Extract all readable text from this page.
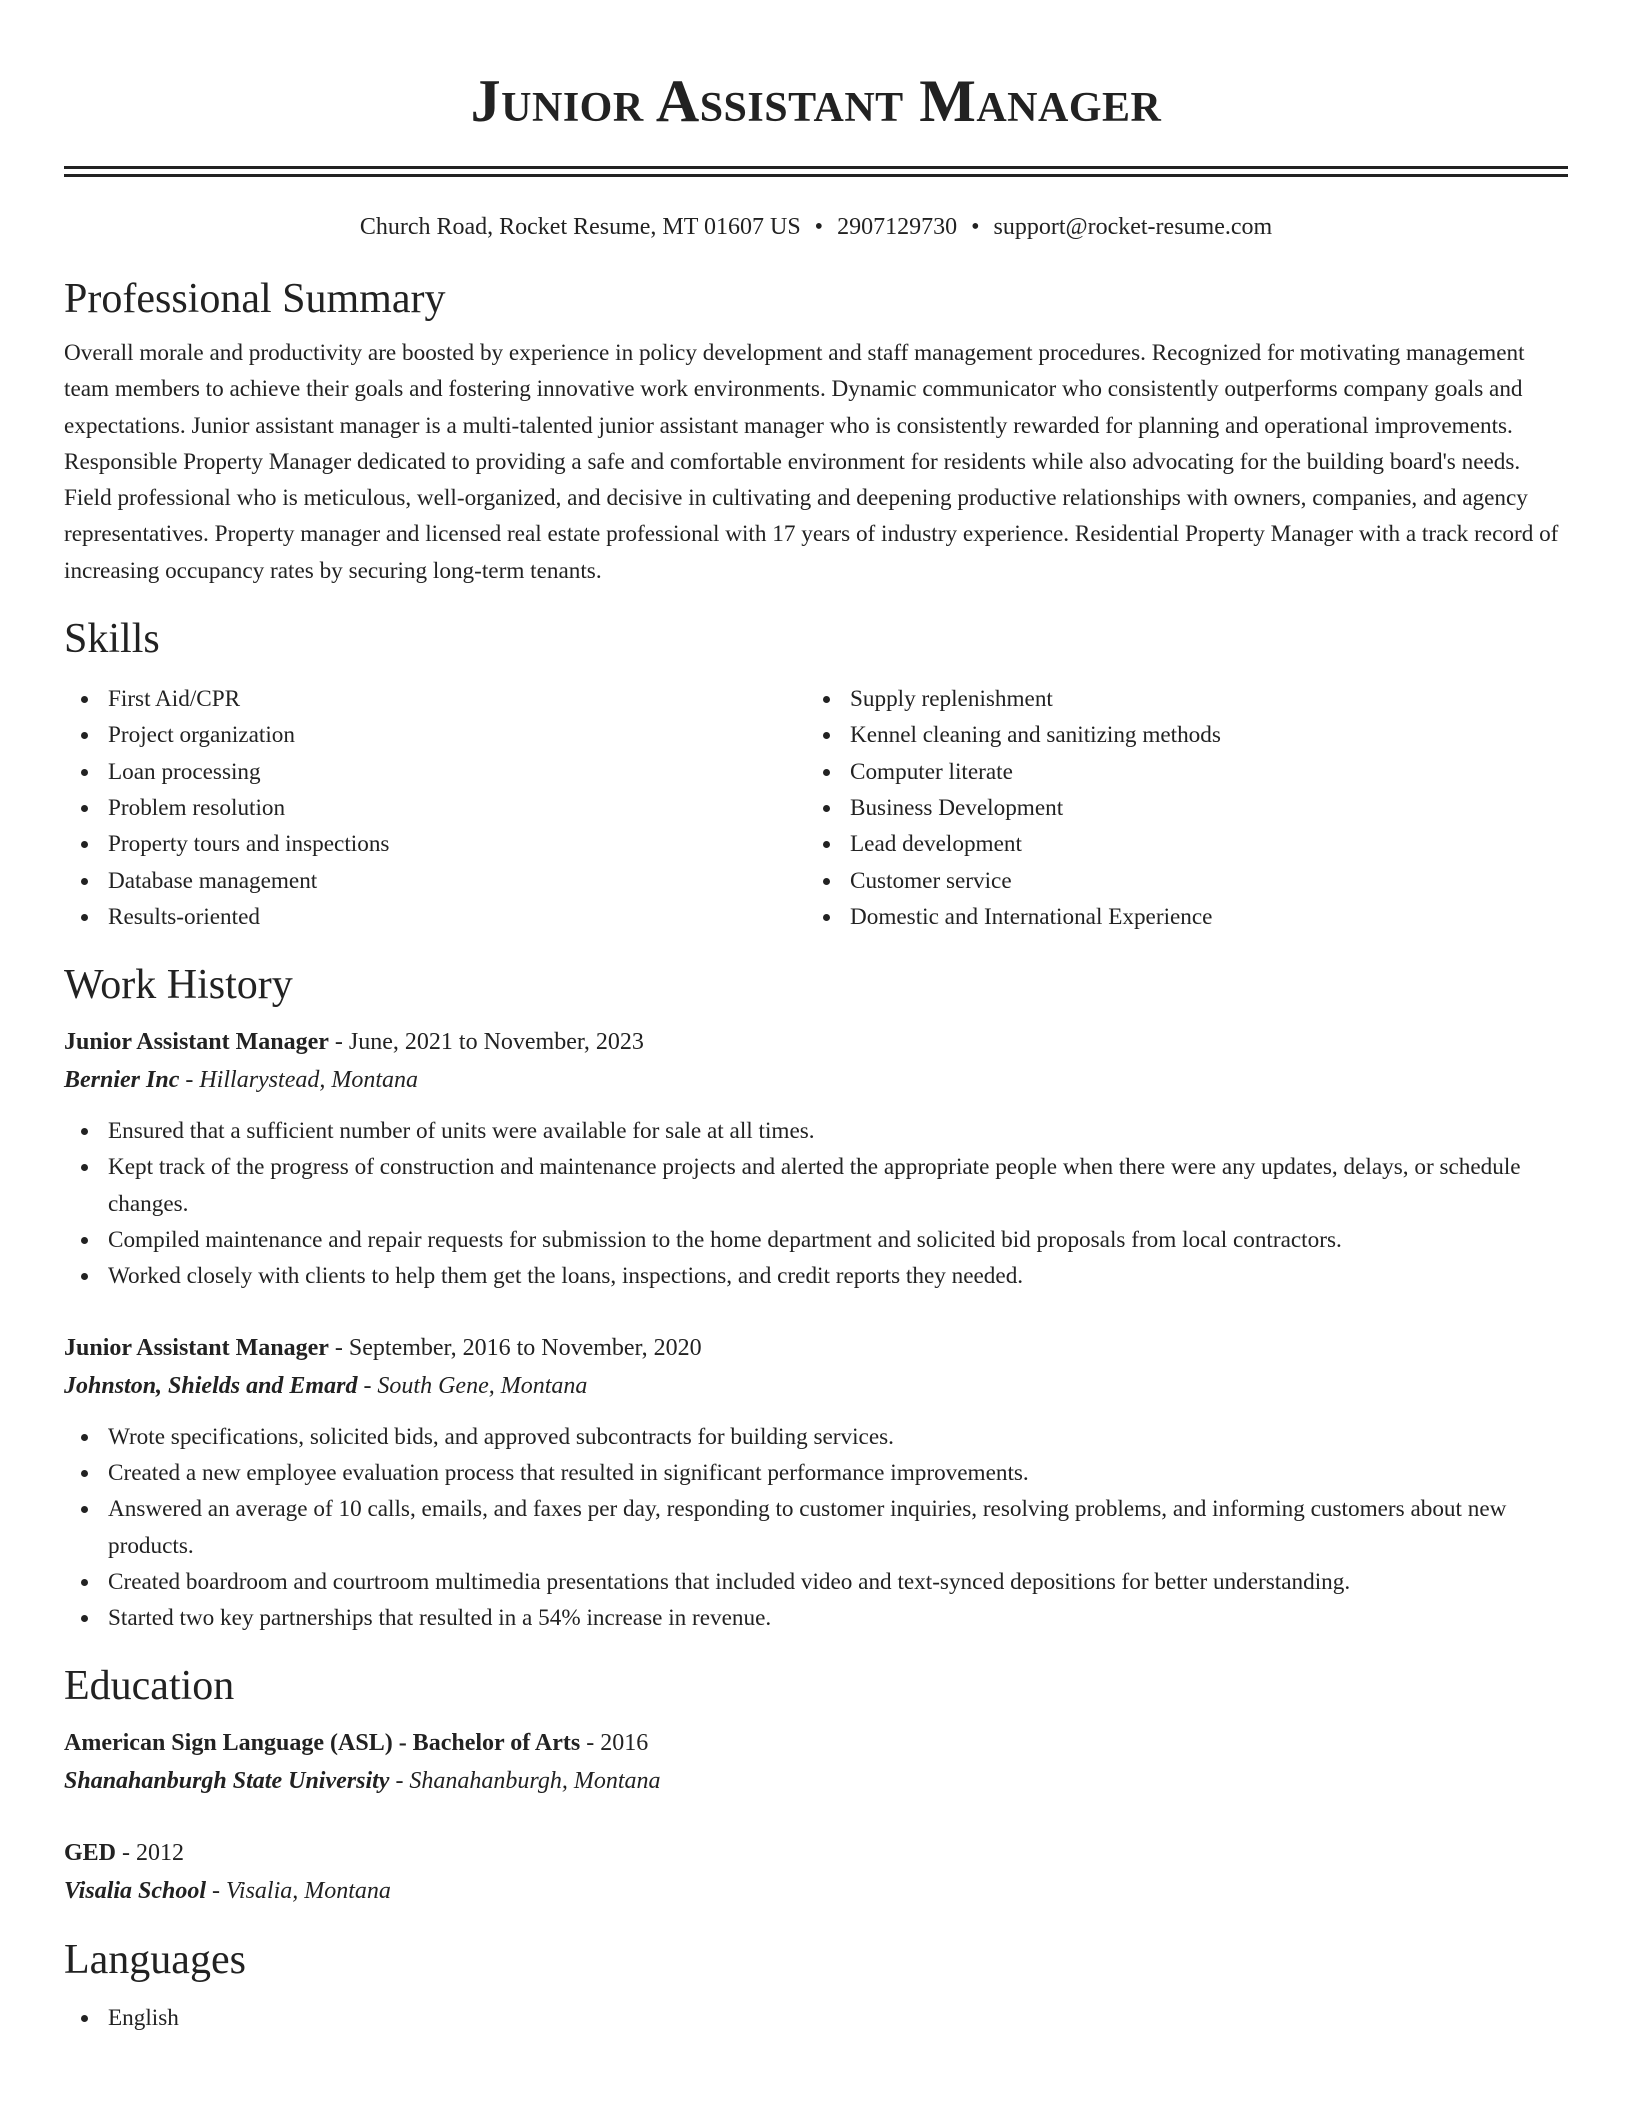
Junior Assistant Manager
Church Road, Rocket Resume, MT 01607 US • 2907129730 • support@rocket-resume.com
Professional Summary
Overall morale and productivity are boosted by experience in policy development and staff management procedures. Recognized for motivating management team members to achieve their goals and fostering innovative work environments. Dynamic communicator who consistently outperforms company goals and expectations. Junior assistant manager is a multi-talented junior assistant manager who is consistently rewarded for planning and operational improvements. Responsible Property Manager dedicated to providing a safe and comfortable environment for residents while also advocating for the building board's needs. Field professional who is meticulous, well-organized, and decisive in cultivating and deepening productive relationships with owners, companies, and agency representatives. Property manager and licensed real estate professional with 17 years of industry experience. Residential Property Manager with a track record of increasing occupancy rates by securing long-term tenants.
Skills
First Aid/CPR
Project organization
Loan processing
Problem resolution
Property tours and inspections
Database management
Results-oriented
Supply replenishment
Kennel cleaning and sanitizing methods
Computer literate
Business Development
Lead development
Customer service
Domestic and International Experience
Work History
Junior Assistant Manager - June, 2021 to November, 2023
Bernier Inc - Hillarystead, Montana
Ensured that a sufficient number of units were available for sale at all times.
Kept track of the progress of construction and maintenance projects and alerted the appropriate people when there were any updates, delays, or schedule changes.
Compiled maintenance and repair requests for submission to the home department and solicited bid proposals from local contractors.
Worked closely with clients to help them get the loans, inspections, and credit reports they needed.
Junior Assistant Manager - September, 2016 to November, 2020
Johnston, Shields and Emard - South Gene, Montana
Wrote specifications, solicited bids, and approved subcontracts for building services.
Created a new employee evaluation process that resulted in significant performance improvements.
Answered an average of 10 calls, emails, and faxes per day, responding to customer inquiries, resolving problems, and informing customers about new products.
Created boardroom and courtroom multimedia presentations that included video and text-synced depositions for better understanding.
Started two key partnerships that resulted in a 54% increase in revenue.
Education
American Sign Language (ASL) - Bachelor of Arts - 2016
Shanahanburgh State University - Shanahanburgh, Montana
GED - 2012
Visalia School - Visalia, Montana
Languages
English
